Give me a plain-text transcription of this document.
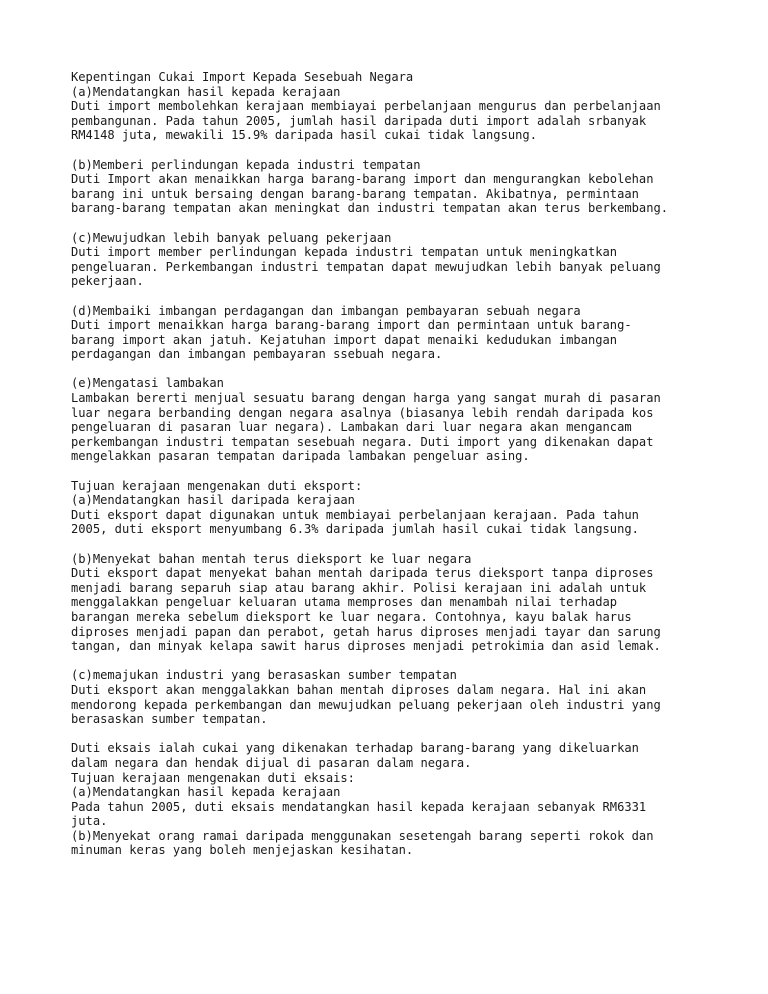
Kepentingan Cukai Import Kepada Sesebuah Negara
(a)Mendatangkan hasil kepada kerajaan
Duti import membolehkan kerajaan membiayai perbelanjaan mengurus dan perbelanjaan
pembangunan. Pada tahun 2005, jumlah hasil daripada duti import adalah srbanyak
RM4148 juta, mewakili 15.9% daripada hasil cukai tidak langsung.
(b)Memberi perlindungan kepada industri tempatan
Duti Import akan menaikkan harga barang-barang import dan mengurangkan kebolehan
barang ini untuk bersaing dengan barang-barang tempatan. Akibatnya, permintaan
barang-barang tempatan akan meningkat dan industri tempatan akan terus berkembang.
(c)Mewujudkan lebih banyak peluang pekerjaan
Duti import member perlindungan kepada industri tempatan untuk meningkatkan
pengeluaran. Perkembangan industri tempatan dapat mewujudkan lebih banyak peluang
pekerjaan.
(d)Membaiki imbangan perdagangan dan imbangan pembayaran sebuah negara
Duti import menaikkan harga barang-barang import dan permintaan untuk barang-
barang import akan jatuh. Kejatuhan import dapat menaiki kedudukan imbangan
perdagangan dan imbangan pembayaran ssebuah negara.
(e)Mengatasi lambakan
Lambakan bererti menjual sesuatu barang dengan harga yang sangat murah di pasaran
luar negara berbanding dengan negara asalnya (biasanya lebih rendah daripada kos
pengeluaran di pasaran luar negara). Lambakan dari luar negara akan mengancam
perkembangan industri tempatan sesebuah negara. Duti import yang dikenakan dapat
mengelakkan pasaran tempatan daripada lambakan pengeluar asing.
Tujuan kerajaan mengenakan duti eksport:
(a)Mendatangkan hasil daripada kerajaan
Duti eksport dapat digunakan untuk membiayai perbelanjaan kerajaan. Pada tahun
2005, duti eksport menyumbang 6.3% daripada jumlah hasil cukai tidak langsung.
(b)Menyekat bahan mentah terus dieksport ke luar negara
Duti eksport dapat menyekat bahan mentah daripada terus dieksport tanpa diproses
menjadi barang separuh siap atau barang akhir. Polisi kerajaan ini adalah untuk
menggalakkan pengeluar keluaran utama memproses dan menambah nilai terhadap
barangan mereka sebelum dieksport ke luar negara. Contohnya, kayu balak harus
diproses menjadi papan dan perabot, getah harus diproses menjadi tayar dan sarung
tangan, dan minyak kelapa sawit harus diproses menjadi petrokimia dan asid lemak.
(c)memajukan industri yang berasaskan sumber tempatan
Duti eksport akan menggalakkan bahan mentah diproses dalam negara. Hal ini akan
mendorong kepada perkembangan dan mewujudkan peluang pekerjaan oleh industri yang
berasaskan sumber tempatan.
Duti eksais ialah cukai yang dikenakan terhadap barang-barang yang dikeluarkan
dalam negara dan hendak dijual di pasaran dalam negara.
Tujuan kerajaan mengenakan duti eksais:
(a)Mendatangkan hasil kepada kerajaan
Pada tahun 2005, duti eksais mendatangkan hasil kepada kerajaan sebanyak RM6331
juta.
(b)Menyekat orang ramai daripada menggunakan sesetengah barang seperti rokok dan
minuman keras yang boleh menjejaskan kesihatan.
